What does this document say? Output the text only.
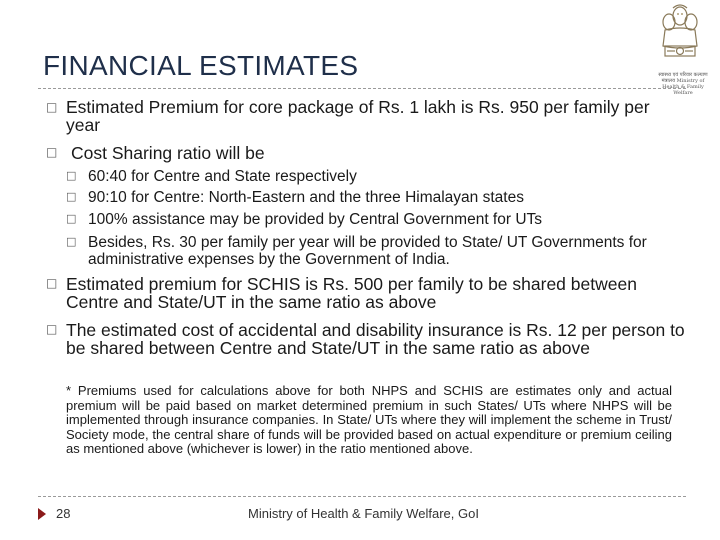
FINANCIAL ESTIMATES	स्वास्थ्य एवं परिवार कल्याण मंत्रालय Ministry of Health & Family Welfare
□ Estimated Premium for core package of Rs. 1 lakh is Rs. 950 per family per year
□ Cost Sharing ratio will be
□ 60:40 for Centre and State respectively
□ 90:10 for Centre: North-Eastern and the three Himalayan states
□ 100% assistance may be provided by Central Government for UTs
□ Besides, Rs. 30 per family per year will be provided to State/ UT Governments for administrative expenses by the Government of India.
□ Estimated premium for SCHIS is Rs. 500 per family to be shared between Centre and State/UT in the same ratio as above
□ The estimated cost of accidental and disability insurance is Rs. 12 per person to be shared between Centre and State/UT in the same ratio as above
* Premiums used for calculations above for both NHPS and SCHIS are estimates only and actual premium will be paid based on market determined premium in such States/ UTs where NHPS will be implemented through insurance companies. In State/ UTs where they will implement the scheme in Trust/ Society mode, the central share of funds will be provided based on actual expenditure or premium ceiling as mentioned above (whichever is lower) in the ratio mentioned above.
28	Ministry of Health & Family Welfare, GoI
